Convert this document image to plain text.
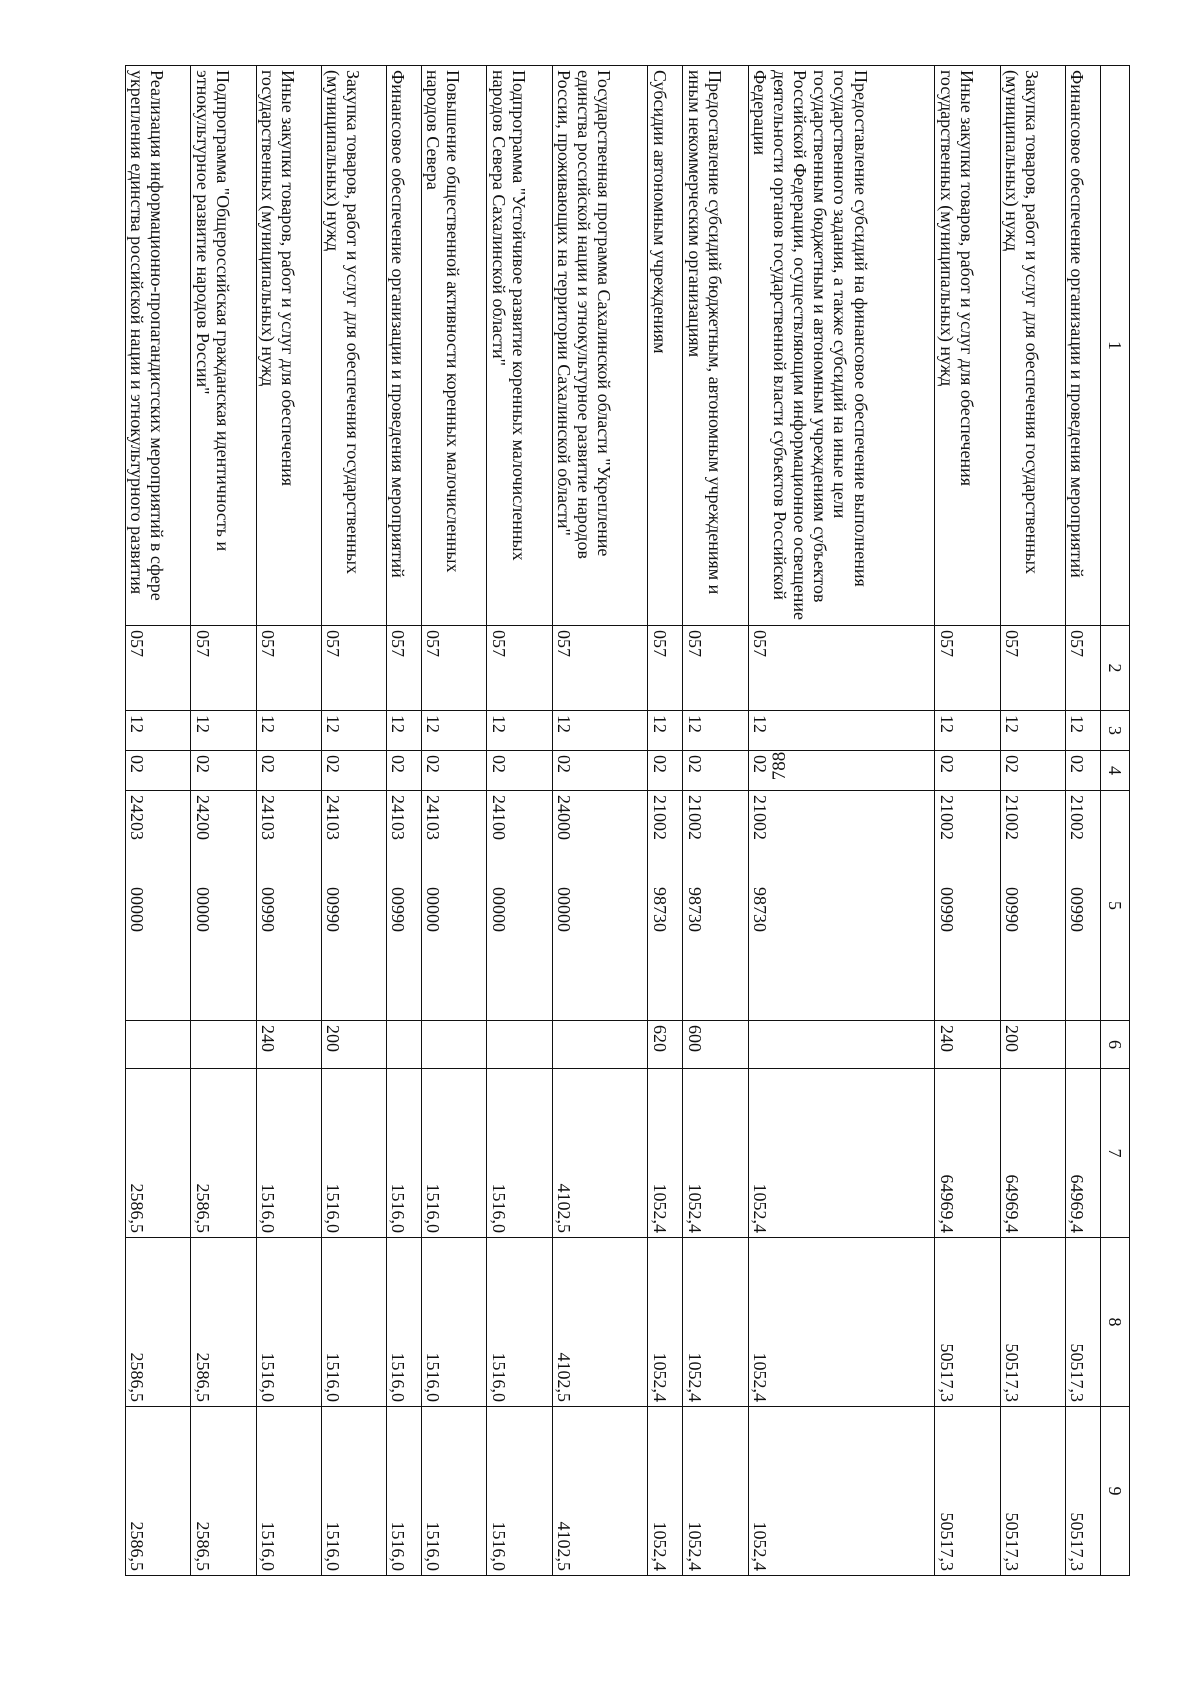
788
1	2	3	4	5	6	7	8	9
Финансовое обеспечение организации и проведения мероприятий	057	12	02	2100200990		64969,4	50517,3	50517,3
Закупка товаров, работ и услуг для обеспечения государственных (муниципальных) нужд	057	12	02	2100200990	200	64969,4	50517,3	50517,3
Иные закупки товаров, работ и услуг для обеспечения государственных (муниципальных) нужд	057	12	02	2100200990	240	64969,4	50517,3	50517,3
Предоставление субсидий на финансовое обеспечение выполнения государственного задания, а также субсидий на иные цели государственным бюджетным и автономным учреждениям субъектов Российской Федерации, осуществляющим информационное освещение деятельности органов государственной власти субъектов Российской Федерации	057	12	02	2100298730		1052,4	1052,4	1052,4
Предоставление субсидий бюджетным, автономным учреждениям и иным некоммерческим организациям	057	12	02	2100298730	600	1052,4	1052,4	1052,4
Субсидии автономным учреждениям	057	12	02	2100298730	620	1052,4	1052,4	1052,4
Государственная программа Сахалинской области "Укрепление единства российской нации и этнокультурное развитие народов России, проживающих на территории Сахалинской области"	057	12	02	2400000000		4102,5	4102,5	4102,5
Подпрограмма "Устойчивое развитие коренных малочисленных народов Севера Сахалинской области"	057	12	02	2410000000		1516,0	1516,0	1516,0
Повышение общественной активности коренных малочисленных народов Севера	057	12	02	2410300000		1516,0	1516,0	1516,0
Финансовое обеспечение организации и проведения мероприятий	057	12	02	2410300990		1516,0	1516,0	1516,0
Закупка товаров, работ и услуг для обеспечения государственных (муниципальных) нужд	057	12	02	2410300990	200	1516,0	1516,0	1516,0
Иные закупки товаров, работ и услуг для обеспечения государственных (муниципальных) нужд	057	12	02	2410300990	240	1516,0	1516,0	1516,0
Подпрограмма "Общероссийская гражданская идентичность и этнокультурное развитие народов России"	057	12	02	2420000000		2586,5	2586,5	2586,5
Реализация информационно-пропагандистских мероприятий в сфере укрепления единства российской нации и этнокультурного развития	057	12	02	2420300000		2586,5	2586,5	2586,5
